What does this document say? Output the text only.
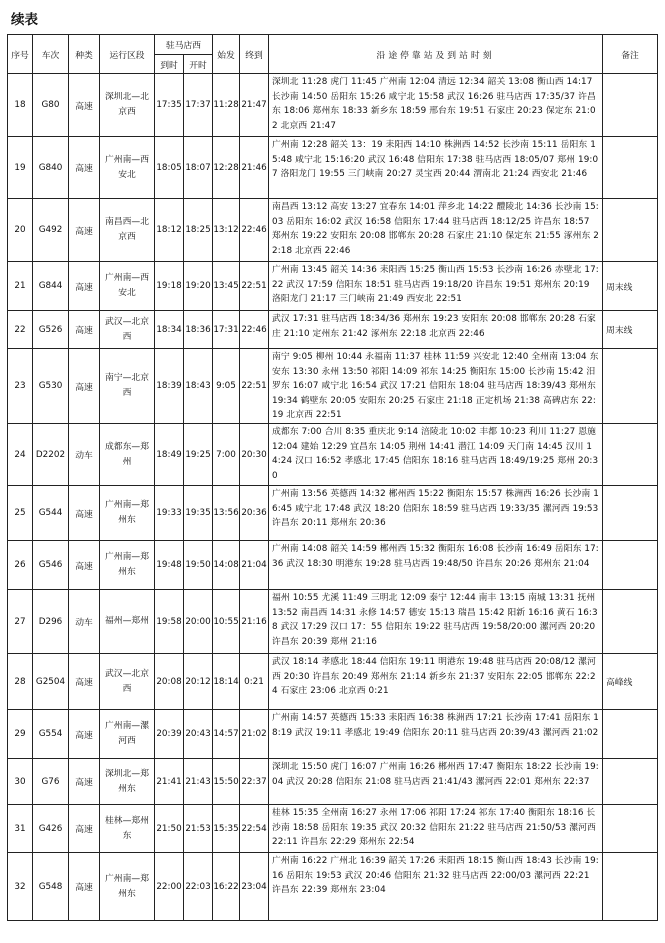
续表
序号	车次	种类	运行区段	驻马店西		始发	终到	沿途停靠站及到站时刻	备注
				到时	开时				
18	G80	高速	深圳北—北京西	17:35	17:37	11:28	21:47	深圳北 11:28 虎门 11:45 广州南 12:04 清远 12:34 韶关 13:08 衡山西 14:17 长沙南 14:50 岳阳东 15:26 咸宁北 15:58 武汉 16:26 驻马店西 17:35/37 许昌东 18:06 郑州东 18:33 新乡东 18:59 邢台东 19:51 石家庄 20:23 保定东 21:02 北京西 21:47	
19	G840	高速	广州南—西安北	18:05	18:07	12:28	21:46	广州南 12:28 韶关 13：19 耒阳西 14:10 株洲西 14:52 长沙南 15:11 岳阳东 15:48 咸宁北 15:16:20 武汉 16:48 信阳东 17:38 驻马店西 18:05/07 郑州 19:07 洛阳龙门 19:55 三门峡南 20:27 灵宝西 20:44 渭南北 21:24 西安北 21:46	
20	G492	高速	南昌西—北京西	18:12	18:25	13:12	22:46	南昌西 13:12 高安 13:27 宜春东 14:01 萍乡北 14:22 醴陵北 14:36 长沙南 15:03 岳阳东 16:02 武汉 16:58 信阳东 17:44 驻马店西 18:12/25 许昌东 18:57 郑州东 19:22 安阳东 20:08 邯郸东 20:28 石家庄 21:10 保定东 21:55 涿州东 22:18 北京西 22:46	
21	G844	高速	广州南—西安北	19:18	19:20	13:45	22:51	广州南 13:45 韶关 14:36 耒阳西 15:25 衡山西 15:53 长沙南 16:26 赤壁北 17:22 武汉 17:59 信阳东 18:51 驻马店西 19:18/20 许昌东 19:51 郑州东 20:19 洛阳龙门 21:17 三门峡南 21:49 西安北 22:51	周末线
22	G526	高速	武汉—北京西	18:34	18:36	17:31	22:46	武汉 17:31 驻马店西 18:34/36 郑州东 19:23 安阳东 20:08 邯郸东 20:28 石家庄 21:10 定州东 21:42 涿州东 22:18 北京西 22:46	周末线
23	G530	高速	南宁—北京西	18:39	18:43	9:05	22:51	南宁 9:05 柳州 10:44 永福南 11:37 桂林 11:59 兴安北 12:40 全州南 13:04 东安东 13:30 永州 13:50 祁阳 14:09 祁东 14:25 衡阳东 15:00 长沙南 15:42 汨罗东 16:07 咸宁北 16:54 武汉 17:21 信阳东 18:04 驻马店西 18:39/43 郑州东 19:34 鹤壁东 20:05 安阳东 20:25 石家庄 21:18 正定机场 21:38 高碑店东 22:19 北京西 22:51	
24	D2202	动车	成都东—郑州	18:49	19:25	7:00	20:30	成都东 7:00 合川 8:35 重庆北 9:14 涪陵北 10:02 丰都 10:23 利川 11:27 恩施 12:04 建始 12:29 宜昌东 14:05 荆州 14:41 潜江 14:09 天门南 14:45 汉川 14:24 汉口 16:52 孝感北 17:45 信阳东 18:16 驻马店西 18:49/19:25 郑州 20:30	
25	G544	高速	广州南—郑州东	19:33	19:35	13:56	20:36	广州南 13:56 英德西 14:32 郴州西 15:22 衡阳东 15:57 株洲西 16:26 长沙南 16:45 咸宁北 17:48 武汉 18:20 信阳东 18:59 驻马店西 19:33/35 漯河西 19:53 许昌东 20:11 郑州东 20:36	
26	G546	高速	广州南—郑州东	19:48	19:50	14:08	21:04	广州南 14:08 韶关 14:59 郴州西 15:32 衡阳东 16:08 长沙南 16:49 岳阳东 17:36 武汉 18:30 明港东 19:28 驻马店西 19:48/50 许昌东 20:26 郑州东 21:04	
27	D296	动车	福州—郑州	19:58	20:00	10:55	21:16	福州 10:55 尤溪 11:49 三明北 12:09 泰宁 12:44 南丰 13:15 南城 13:31 抚州 13:52 南昌西 14:31 永修 14:57 德安 15:13 瑞昌 15:42 阳新 16:16 黄石 16:38 武汉 17:29 汉口 17：55 信阳东 19:22 驻马店西 19:58/20:00 漯河西 20:20 许昌东 20:39 郑州 21:16	
28	G2504	高速	武汉—北京西	20:08	20:12	18:14	0:21	武汉 18:14 孝感北 18:44 信阳东 19:11 明港东 19:48 驻马店西 20:08/12 漯河西 20:30 许昌东 20:49 郑州东 21:14 新乡东 21:37 安阳东 22:05 邯郸东 22:24 石家庄 23:06 北京西 0:21	高峰线
29	G554	高速	广州南—漯河西	20:39	20:43	14:57	21:02	广州南 14:57 英德西 15:33 耒阳西 16:38 株洲西 17:21 长沙南 17:41 岳阳东 18:19 武汉 19:11 孝感北 19:49 信阳东 20:11 驻马店西 20:39/43 漯河西 21:02	
30	G76	高速	深圳北—郑州东	21:41	21:43	15:50	22:37	深圳北 15:50 虎门 16:07 广州南 16:26 郴州西 17:47 衡阳东 18:22 长沙南 19:04 武汉 20:28 信阳东 21:08 驻马店西 21:41/43 漯河西 22:01 郑州东 22:37	
31	G426	高速	桂林—郑州东	21:50	21:53	15:35	22:54	桂林 15:35 全州南 16:27 永州 17:06 祁阳 17:24 祁东 17:40 衡阳东 18:16 长沙南 18:58 岳阳东 19:35 武汉 20:32 信阳东 21:22 驻马店西 21:50/53 漯河西 22:11 许昌东 22:29 郑州东 22:54	
32	G548	高速	广州南—郑州东	22:00	22:03	16:22	23:04	广州南 16:22 广州北 16:39 韶关 17:26 耒阳西 18:15 衡山西 18:43 长沙南 19:16 岳阳东 19:53 武汉 20:46 信阳东 21:32 驻马店西 22:00/03 漯河西 22:21 许昌东 22:39 郑州东 23:04	
